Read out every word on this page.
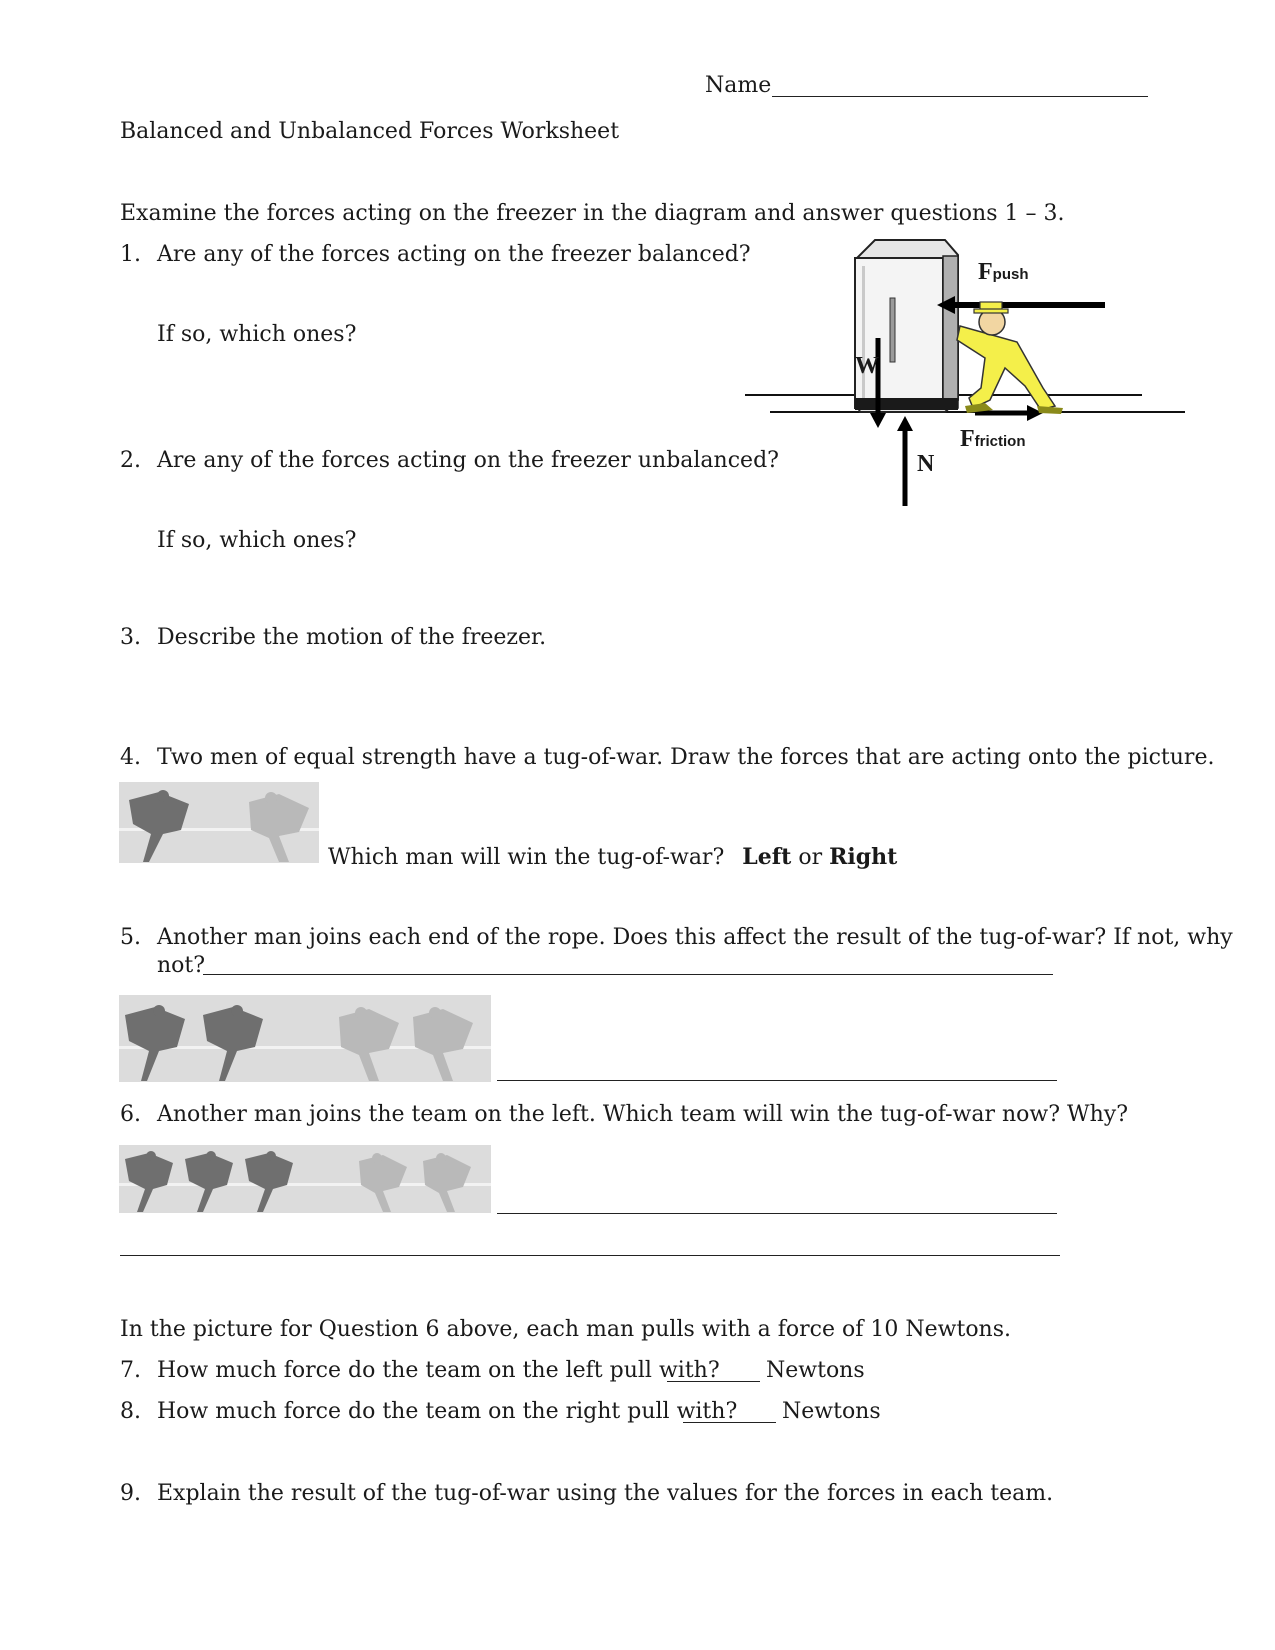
Name
Balanced and Unbalanced Forces Worksheet
Examine the forces acting on the freezer in the diagram and answer questions 1 – 3.
1. Are any of the forces acting on the freezer balanced?
If so, which ones?
2. Are any of the forces acting on the freezer unbalanced?
If so, which ones?
3. Describe the motion of the freezer.
Fpush
Ffriction
W
N
4. Two men of equal strength have a tug-of-war. Draw the forces that are acting onto the picture.
Which man will win the tug-of-war? Left or Right
5. Another man joins each end of the rope. Does this affect the result of the tug-of-war? If not, why
not?
6. Another man joins the team on the left. Which team will win the tug-of-war now? Why?
In the picture for Question 6 above, each man pulls with a force of 10 Newtons.
7. How much force do the team on the left pull with? Newtons
8. How much force do the team on the right pull with? Newtons
9. Explain the result of the tug-of-war using the values for the forces in each team.
